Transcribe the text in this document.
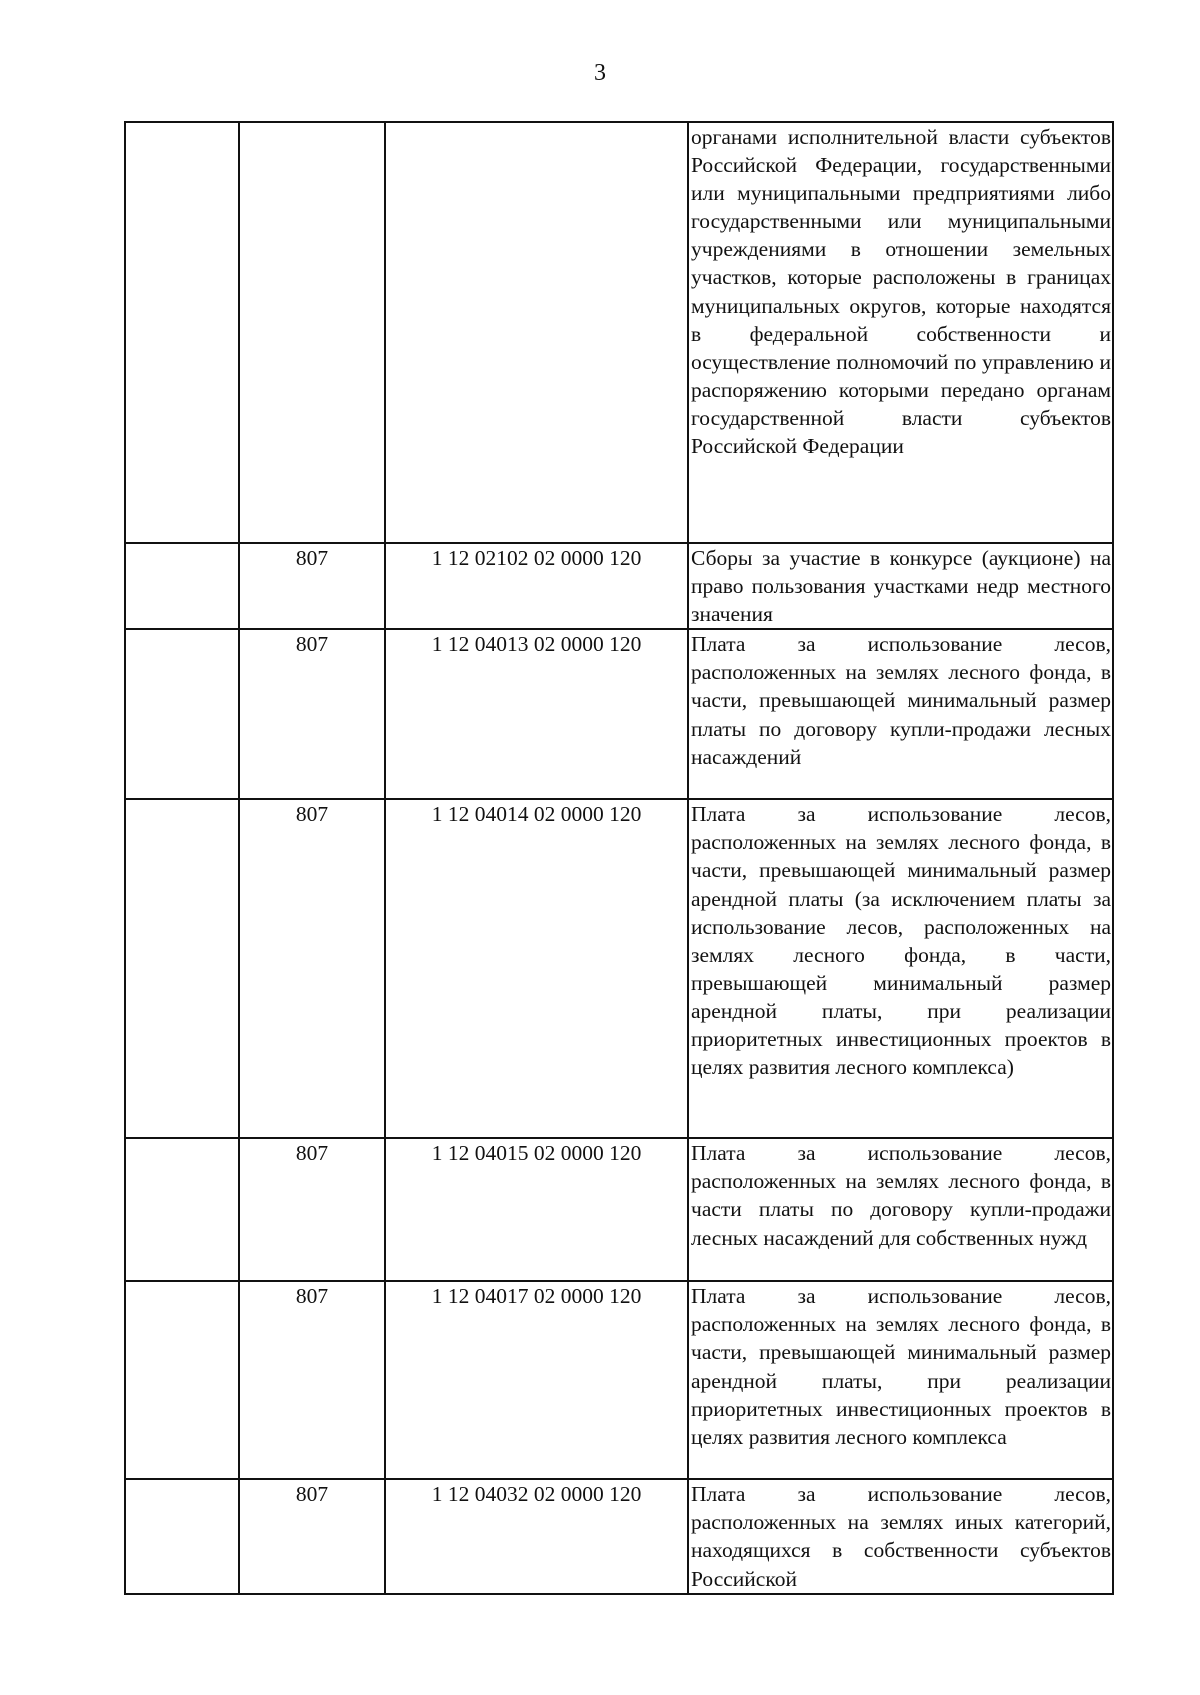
3

			органами исполнительной власти субъектов Российской Федерации, государственными или муниципальными предприятиями либо государственными или муниципальными учреждениями в отношении земельных участков, которые расположены в границах муниципальных округов, которые находятся в федеральной собственности и осуществление полномочий по управлению и распоряжению которыми передано органам государственной власти субъектов Российской Федерации

	807	1 12 02102 02 0000 120	Сборы за участие в конкурсе (аукционе) на право пользования участками недр местного значения

	807	1 12 04013 02 0000 120	Плата за использование лесов, расположенных на землях лесного фонда, в части, превышающей минимальный размер платы по договору купли-продажи лесных насаждений

	807	1 12 04014 02 0000 120	Плата за использование лесов, расположенных на землях лесного фонда, в части, превышающей минимальный размер арендной платы (за исключением платы за использование лесов, расположенных на землях лесного фонда, в части, превышающей минимальный размер арендной платы, при реализации приоритетных инвестиционных проектов в целях развития лесного комплекса)

	807	1 12 04015 02 0000 120	Плата за использование лесов, расположенных на землях лесного фонда, в части платы по договору купли-продажи лесных насаждений для собственных нужд

	807	1 12 04017 02 0000 120	Плата за использование лесов, расположенных на землях лесного фонда, в части, превышающей минимальный размер арендной платы, при реализации приоритетных инвестиционных проектов в целях развития лесного комплекса

	807	1 12 04032 02 0000 120	Плата за использование лесов, расположенных на землях иных категорий, находящихся в собственности субъектов Российской
